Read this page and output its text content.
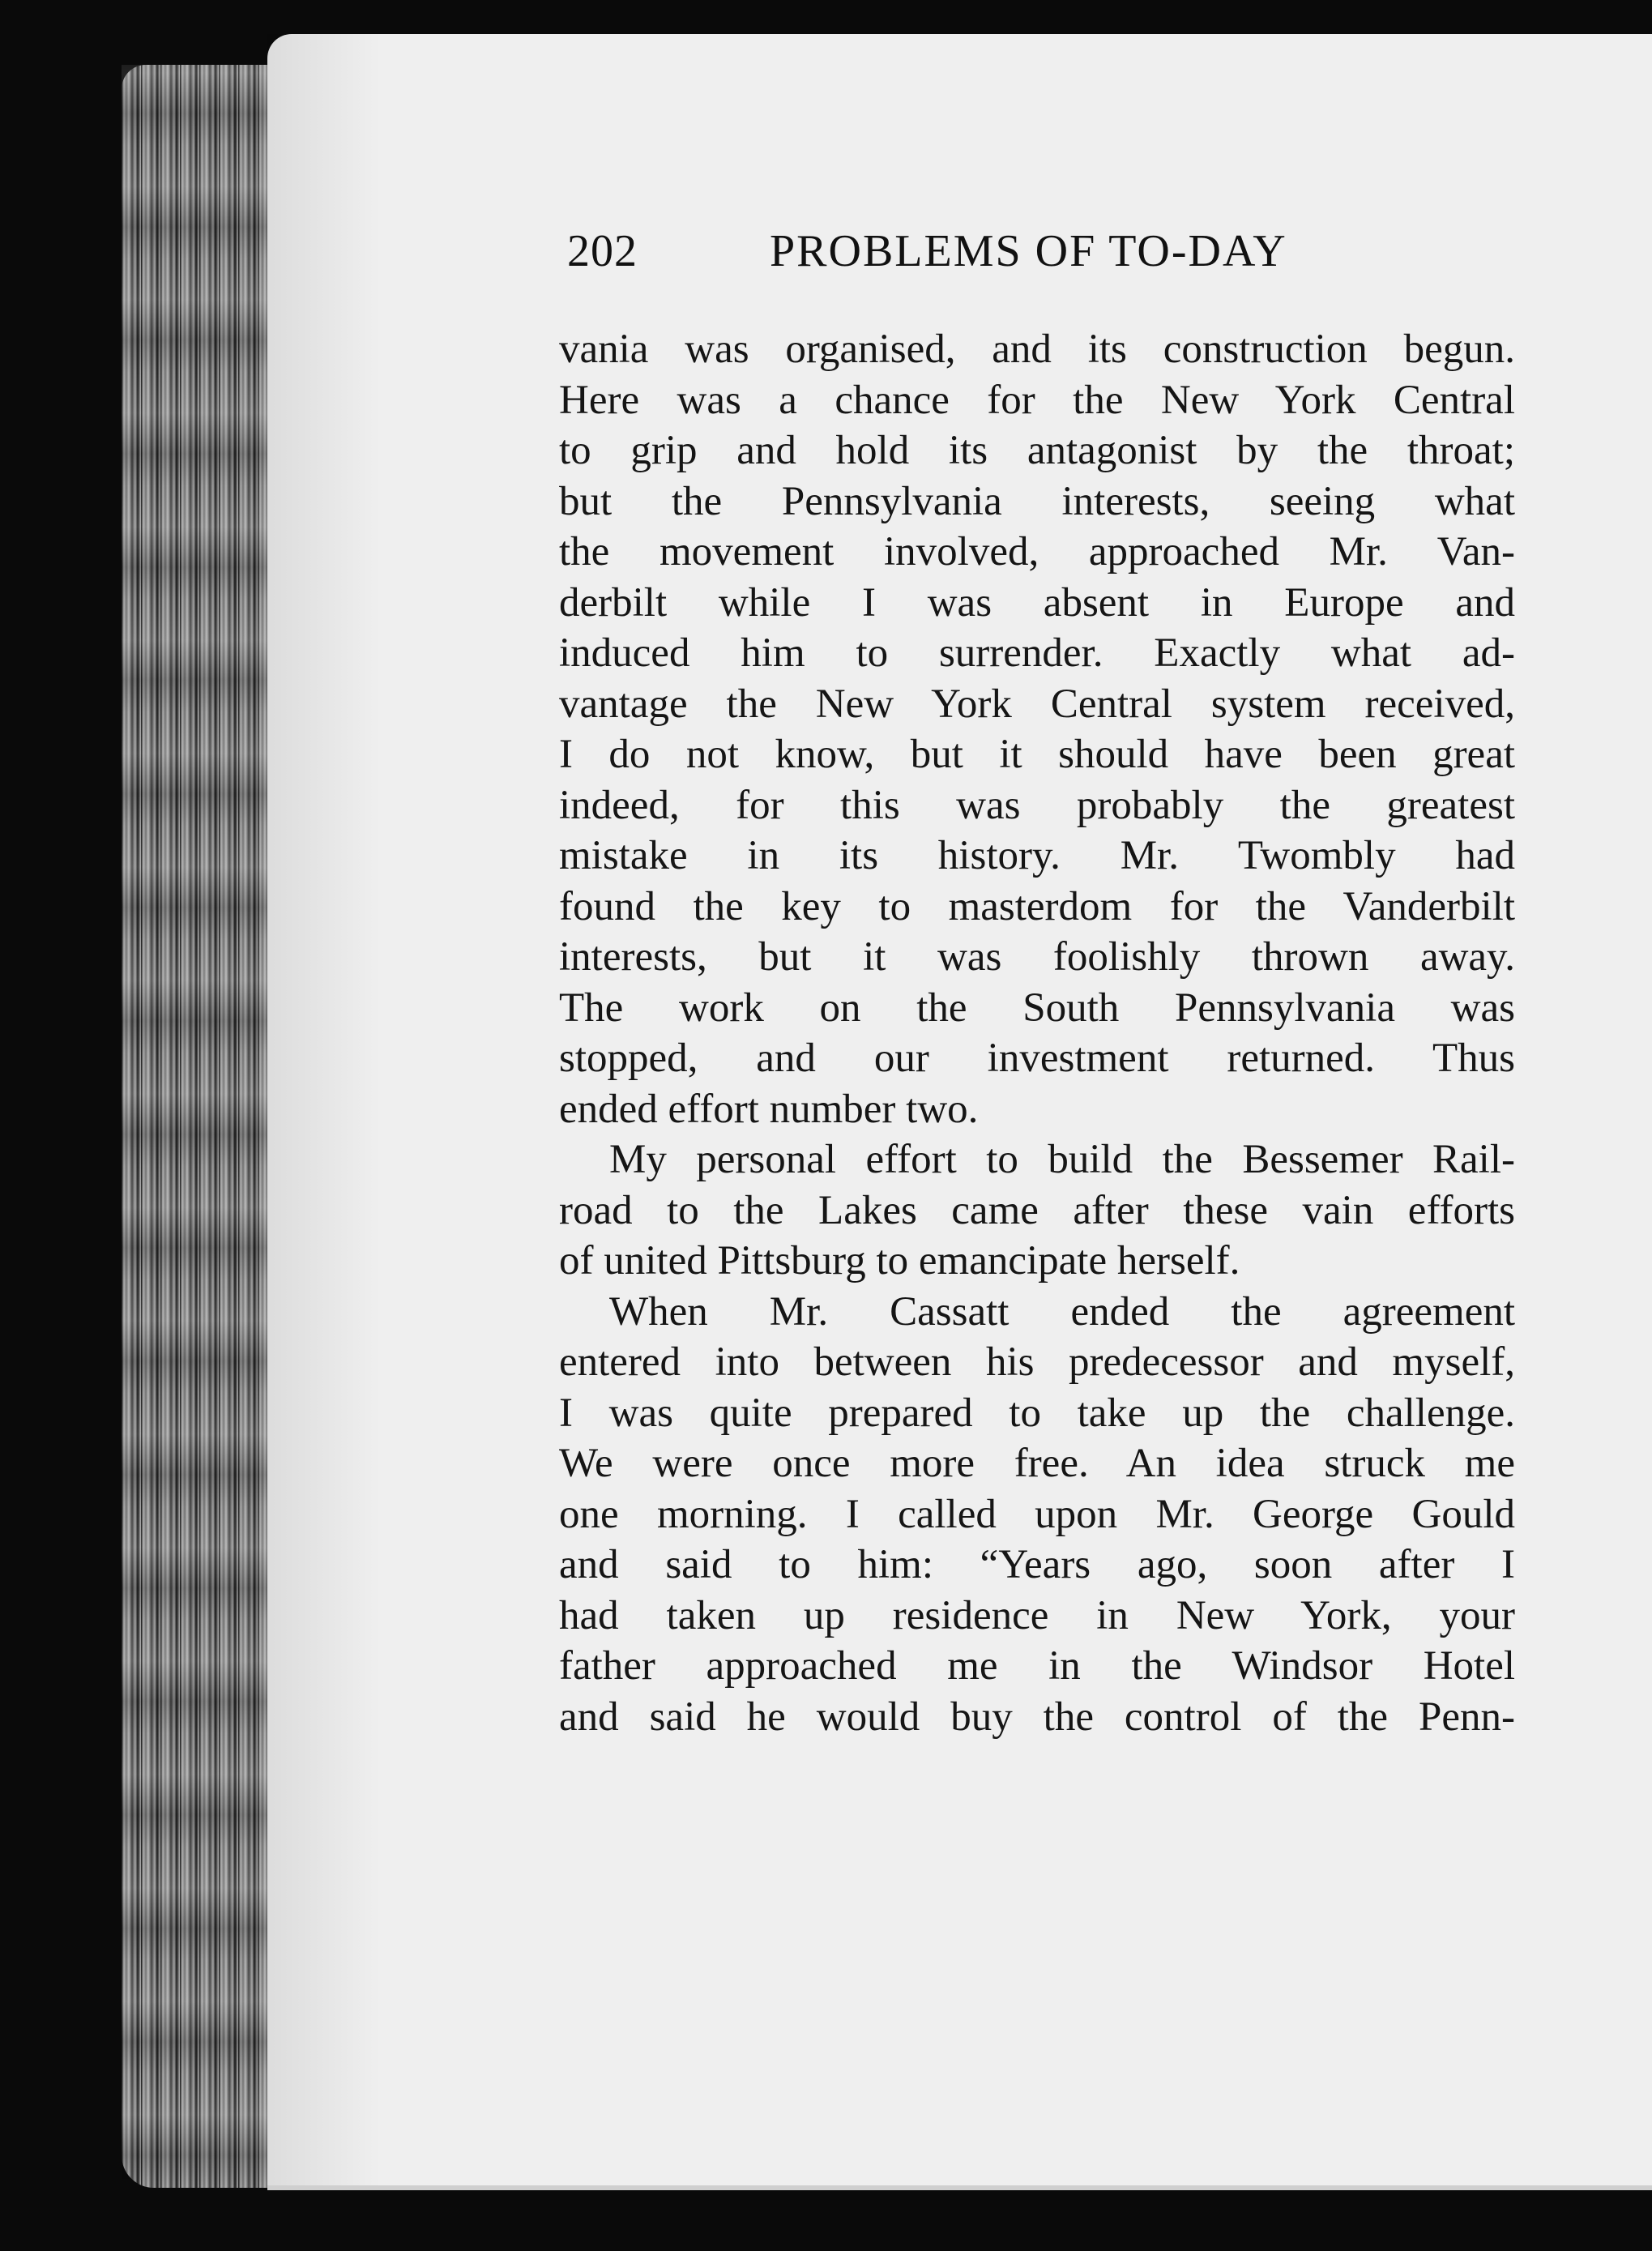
202	PROBLEMS OF TO-DAY

vania was organised, and its construction begun.
Here was a chance for the New York Central
to grip and hold its antagonist by the throat;
but the Pennsylvania interests, seeing what
the movement involved, approached Mr. Van-
derbilt while I was absent in Europe and
induced him to surrender. Exactly what ad-
vantage the New York Central system received,
I do not know, but it should have been great
indeed, for this was probably the greatest
mistake in its history. Mr. Twombly had
found the key to masterdom for the Vanderbilt
interests, but it was foolishly thrown away.
The work on the South Pennsylvania was
stopped, and our investment returned. Thus
ended effort number two.

My personal effort to build the Bessemer Rail-
road to the Lakes came after these vain efforts
of united Pittsburg to emancipate herself.

When Mr. Cassatt ended the agreement
entered into between his predecessor and myself,
I was quite prepared to take up the challenge.
We were once more free. An idea struck me
one morning. I called upon Mr. George Gould
and said to him: “Years ago, soon after I
had taken up residence in New York, your
father approached me in the Windsor Hotel
and said he would buy the control of the Penn-
